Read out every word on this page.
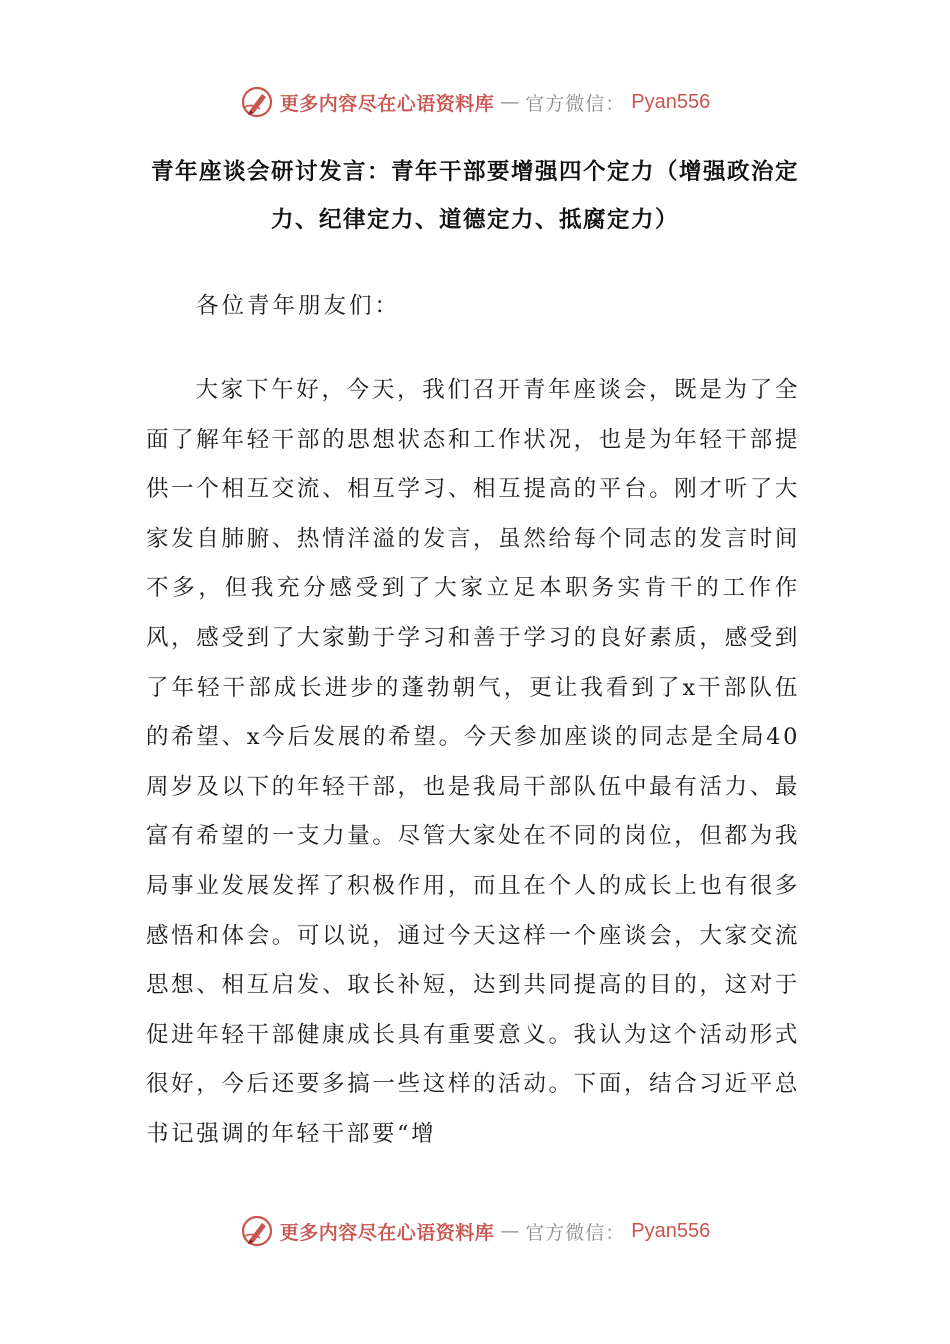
更多内容尽在心语资料库 — 官方微信： Pyan556
青年座谈会研讨发言：青年干部要增强四个定力（增强政治定力、纪律定力、道德定力、抵腐定力）
各位青年朋友们：
大家下午好，今天，我们召开青年座谈会，既是为了全面了解年轻干部的思想状态和工作状况，也是为年轻干部提供一个相互交流、相互学习、相互提高的平台。刚才听了大家发自肺腑、热情洋溢的发言，虽然给每个同志的发言时间不多，但我充分感受到了大家立足本职务实肯干的工作作风，感受到了大家勤于学习和善于学习的良好素质，感受到了年轻干部成长进步的蓬勃朝气，更让我看到了x干部队伍的希望、x今后发展的希望。今天参加座谈的同志是全局40周岁及以下的年轻干部，也是我局干部队伍中最有活力、最富有希望的一支力量。尽管大家处在不同的岗位，但都为我局事业发展发挥了积极作用，而且在个人的成长上也有很多感悟和体会。可以说，通过今天这样一个座谈会，大家交流思想、相互启发、取长补短，达到共同提高的目的，这对于促进年轻干部健康成长具有重要意义。我认为这个活动形式很好，今后还要多搞一些这样的活动。下面，结合习近平总书记强调的年轻干部要“增
更多内容尽在心语资料库 — 官方微信： Pyan556
